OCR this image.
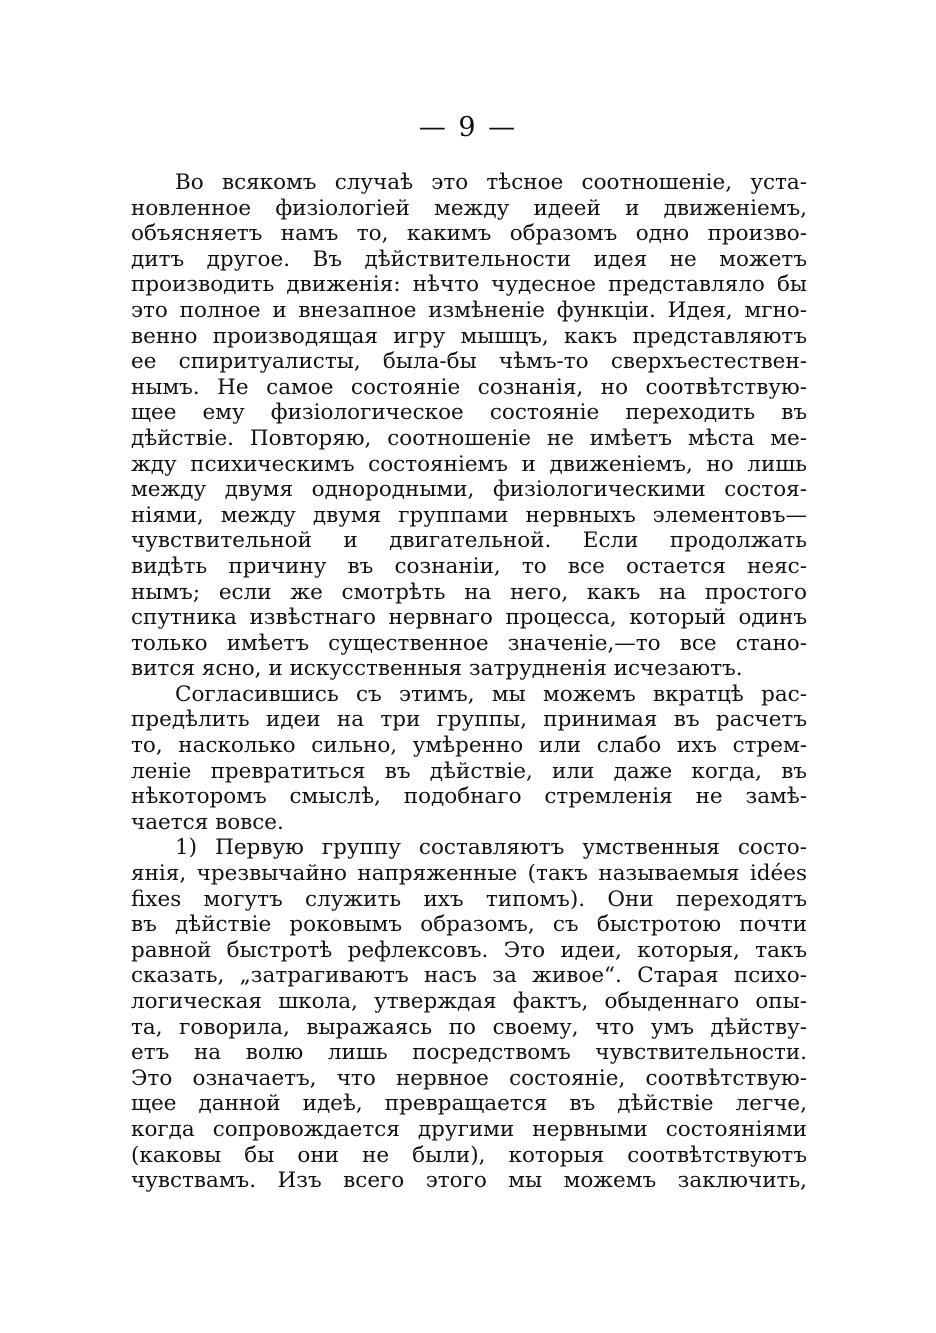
— 9 —
Во всякомъ случаѣ это тѣсное соотношеніе, уста-
новленное физіологіей между идеей и движеніемъ,
объясняетъ намъ то, какимъ образомъ одно произво-
дитъ другое. Въ дѣйствительности идея не можетъ
производить движенія: нѣчто чудесное представляло бы
это полное и внезапное измѣненіе функціи. Идея, мгно-
венно производящая игру мышцъ, какъ представляютъ
ее спиритуалисты, была-бы чѣмъ-то сверхъестествен-
нымъ. Не самое состояніе сознанія, но соотвѣтствую-
щее ему физіологическое состояніе переходить въ
дѣйствіе. Повторяю, соотношеніе не имѣетъ мѣста ме-
жду психическимъ состояніемъ и движеніемъ, но лишь
между двумя однородными, физіологическими состоя-
ніями, между двумя группами нервныхъ элементовъ—
чувствительной и двигательной. Если продолжать
видѣть причину въ сознаніи, то все остается неяс-
нымъ; если же смотрѣть на него, какъ на простого
спутника извѣстнаго нервнаго процесса, который одинъ
только имѣетъ существенное значеніе,—то все стано-
вится ясно, и искусственныя затрудненія исчезаютъ.
Согласившись съ этимъ, мы можемъ вкратцѣ рас-
предѣлить идеи на три группы, принимая въ расчетъ
то, насколько сильно, умѣренно или слабо ихъ стрем-
леніе превратиться въ дѣйствіе, или даже когда, въ
нѣкоторомъ смыслѣ, подобнаго стремленія не замѣ-
чается вовсе.
1) Первую группу составляютъ умственныя состо-
янія, чрезвычайно напряженные (такъ называемыя idées
fixes могутъ служить ихъ типомъ). Они переходятъ
въ дѣйствіе роковымъ образомъ, съ быстротою почти
равной быстротѣ рефлексовъ. Это идеи, которыя, такъ
сказать, „затрагиваютъ насъ за живое“. Старая психо-
логическая школа, утверждая фактъ, обыденнаго опы-
та, говорила, выражаясь по своему, что умъ дѣйству-
етъ на волю лишь посредствомъ чувствительности.
Это означаетъ, что нервное состояніе, соотвѣтствую-
щее данной идеѣ, превращается въ дѣйствіе легче,
когда сопровождается другими нервными состояніями
(каковы бы они не были), которыя соотвѣтствуютъ
чувствамъ. Изъ всего этого мы можемъ заключить,
